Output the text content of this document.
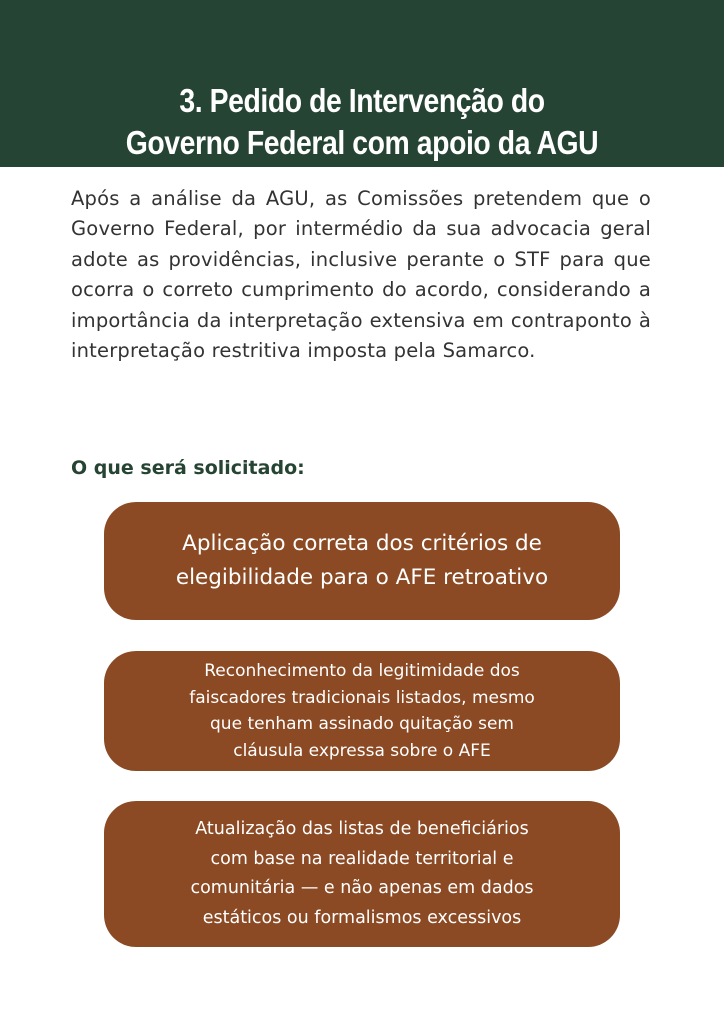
3. Pedido de Intervenção do
Governo Federal com apoio da AGU

Após a análise da AGU, as Comissões pretendem que o Governo Federal, por intermédio da sua advocacia geral adote as providências, inclusive perante o STF para que ocorra o correto cumprimento do acordo, considerando a importância da interpretação extensiva em contraponto à interpretação restritiva imposta pela Samarco.

O que será solicitado:

Aplicação correta dos critérios de
elegibilidade para o AFE retroativo

Reconhecimento da legitimidade dos
faiscadores tradicionais listados, mesmo
que tenham assinado quitação sem
cláusula expressa sobre o AFE

Atualização das listas de beneficiários
com base na realidade territorial e
comunitária — e não apenas em dados
estáticos ou formalismos excessivos
